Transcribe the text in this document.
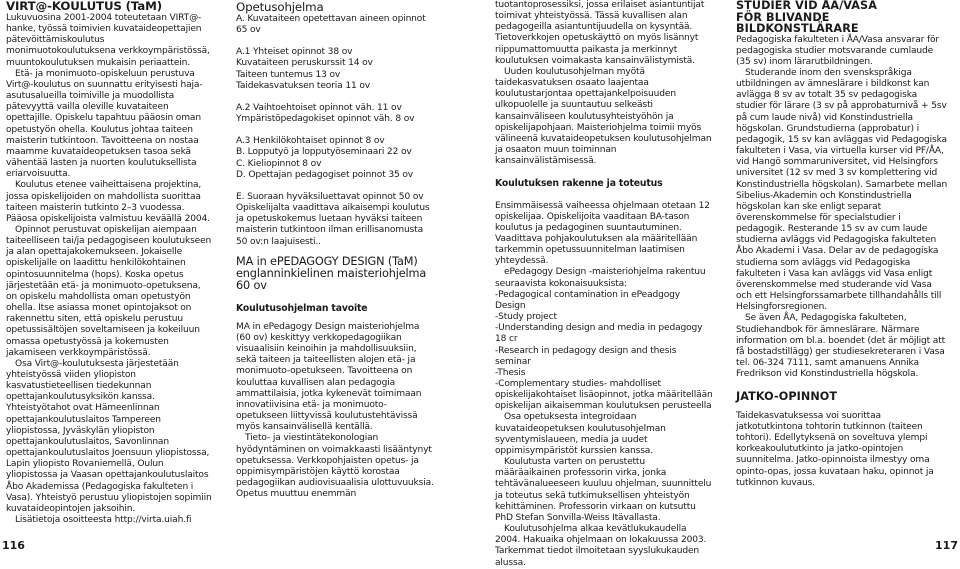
VIRT@-KOULUTUS (TaM)

Lukuvuosina 2001-2004 toteutetaan VIRT@-hanke, työssä toimivien kuvataideopettajien pätevöittämiskoulutus monimuotokoulutuksena verkkoympäristössä, muuntokoulutuksen mukaisin periaattein.

Etä- ja monimuoto-opiskeluun perustuva Virt@-koulutus on suunnattu erityisesti haja-asutusalueilla toimiville ja muodollista pätevyyttä vailla oleville kuvataiteen opettajille. Opiskelu tapahtuu pääosin oman opetustyön ohella. Koulutus johtaa taiteen maisterin tutkintoon. Tavoitteena on nostaa maamme kuvataideopetuksen tasoa sekä vähentää lasten ja nuorten koulutuksellista eriarvoisuutta.

Koulutus etenee vaiheittaisena projektina, jossa opiskelijoiden on mahdollista suorittaa taiteen maisterin tutkinto 2–3 vuodessa. Pääosa opiskelijoista valmistuu keväällä 2004.

Opinnot perustuvat opiskelijan aiempaan taiteelliseen tai/ja pedagogiseen koulutukseen ja alan opettajakokemukseen. Jokaiselle opiskelijalle on laadittu henkilökohtainen opintosuunnitelma (hops). Koska opetus järjestetään etä- ja monimuoto-opetuksena, on opiskelu mahdollista oman opetustyön ohella. Itse asiassa monet opintojaksot on rakennettu siten, että opiskelu perustuu opetussisältöjen soveltamiseen ja kokeiluun omassa opetustyössä ja kokemusten jakamiseen verkkoympäristössä.

Osa Virt@-koulutuksesta järjestetään yhteistyössä viiden yliopiston kasvatustieteellisen tiedekunnan opettajankoulutusyksikön kanssa. Yhteistyötahot ovat Hämeenlinnan opettajankoulutuslaitos Tampereen yliopistossa, Jyväskylän yliopiston opettajankoulutuslaitos, Savonlinnan opettajankoulutuslaitos Joensuun yliopistossa, Lapin yliopisto Rovaniemellä, Oulun yliopistossa ja Vaasan opettajankoulutuslaitos Åbo Akademissa (Pedagogiska fakulteten i Vasa). Yhteistyö perustuu yliopistojen sopimiin kuvataideopintojen jaksoihin.

Lisätietoja osoitteesta http://virta.uiah.fi

Opetusohjelma

A. Kuvataiteen opetettavan aineen opinnot 65 ov

A.1 Yhteiset opinnot 38 ov

Kuvataiteen peruskurssit 14 ov

Taiteen tuntemus 13 ov

Taidekasvatuksen teoria 11 ov

A.2 Vaihtoehtoiset opinnot väh. 11 ov

Ympäristöpedagokiset opinnot väh. 8 ov

A.3 Henkilökohtaiset opinnot 8 ov

B. Lopputyö ja lopputyöseminaari 22 ov

C. Kieliopinnot 8 ov

D. Opettajan pedagogiset poinnot 35 ov

E. Suoraan hyväksiluettavat opinnot 50 ov Opiskelijalta vaadittava aikaisempi koulutus ja opetuskokemus luetaan hyväksi taiteen maisterin tutkintoon ilman erillisanomusta 50 ov:n laajuisesti..

MA in ePEDAGOGY DESIGN (TaM) englanninkielinen maisteriohjelma 60 ov

Koulutusohjelman tavoite

MA in ePedagogy Design maisteriohjelma (60 ov) keskittyy verkkopedagogiikan visuaalisiin keinoihin ja mahdollisuuksiin, sekä taiteen ja taiteellisten alojen etä- ja monimuoto-opetukseen. Tavoitteena on kouluttaa kuvallisen alan pedagogia ammattilaisia, jotka kykenevät toimimaan innovatiivisina etä- ja monimuoto-opetukseen liittyvissä koulutustehtävissä myös kansainvälisellä kentällä.

Tieto- ja viestintätekonologian hyödyntäminen on voimakkaasti lisääntynyt opetuksessa. Verkkopohjaisten opetus- ja oppimisympäristöjen käyttö korostaa pedagogiikan audiovisuaalisia ulottuvuuksia. Opetus muuttuu enemmän

tuotantoprosessiksi, jossa erilaiset asiantuntijat toimivat yhteistyössä. Tässä kuvallisen alan pedagogeilla asiantuntijuudella on kysyntää. Tietoverkkojen opetuskäyttö on myös lisännyt riippumattomuutta paikasta ja merkinnyt koulutuksen voimakasta kansainvälistymistä.

Uuden koulutusohjelman myötä taidekasvatuksen osaato laajentaa koulutustarjontaa opettajankelpoisuuden ulkopuolelle ja suuntautuu selkeästi kansainväliseen koulutusyhteistyöhön ja opiskelijapohjaan. Maisteriohjelma toimii myös välineenä kuvataideopetuksen koulutusohjelman ja osaaton muun toiminnan kansainvälistämisessä.

Koulutuksen rakenne ja toteutus

Ensimmäisessä vaiheessa ohjelmaan otetaan 12 opiskelijaa. Opiskelijoita vaaditaan BA-tason koulutus ja pedagoginen suuntautuminen. Vaadittava pohjakoulutuksen ala määritellään tarkemmin opetussuunnitelman laatimisen yhteydessä.

ePedagogy Design -maisteriohjelma rakentuu seuraavista kokonaisuuksista:

-Pedagogical contamination in ePeadgogy Design

-Study project

-Understanding design and media in pedagogy 18 cr

-Research in pedagogy design and thesis seminar

-Thesis

-Complementary studies- mahdolliset opiskelijakohtaiset lisäopinnot, jotka määritellään opiskelijan aikaisemman koulutuksen perusteella

Osa opetuksesta integroidaan kuvataideopetuksen koulutusohjelman syventymislaueen, media ja uudet oppimisympäristöt kurssien kanssa.

Koulutusta varten on perustettu määräaikainen professorin virka, jonka tehtävänalueeseen kuuluu ohjelman, suunnittelu ja toteutus sekä tutkimuksellisen yhteistyön kehittäminen. Professorin virkaan on kutsuttu PhD Stefan Sonvilla-Weiss Itävallasta.

Koulutusohjelma alkaa kevätlukukaudella 2004. Hakuaika ohjelmaan on lokakuussa 2003. Tarkemmat tiedot ilmoitetaan syyslukukauden alussa.

STUDIER VID ÅA/VASA

FÖR BLIVANDE BILDKONSTLÄRARE

Pedagogiska fakulteten i ÅA/Vasa ansvarar för pedagogiska studier motsvarande cumlaude (35 sv) inom lärarutbildningen.

Studerande inom den svenskspråkiga utbildningen av ämneslärare i bildkonst kan avlägga 8 sv av totalt 35 sv pedagogiska studier för lärare (3 sv på approbaturnivå + 5sv på cum laude nivå) vid Konstindustriella högskolan. Grundstudierna (approbatur) i pedagogik, 15 sv kan avläggas vid Pedagogiska fakulteten i Vasa, via virtuella kurser vid PF/ÅA, vid Hangö sommaruniversitet, vid Helsingfors universitet (12 sv med 3 sv komplettering vid Konstindustriella högskolan). Samarbete mellan Sibelius-Akademin och Konstindustriella högskolan kan ske enligt separat överenskommelse för specialstudier i pedagogik. Resterande 15 sv av cum laude studierna avläggs vid Pedagogiska fakulteten Åbo Akademi i Vasa. Delar av de pedagogiska studierna som avläggs vid Pedagogiska fakulteten i Vasa kan avläggs vid Vasa enligt överenskommelse med studerande vid Vasa och ett Helsingforssamarbete tillhandahålls till Helsingforsregionen.

Se även ÅA, Pedagogiska fakulteten, Studiehandbok för ämneslärare. Närmare information om bl.a. boendet (det är möjligt att få bostadstillägg) ger studiesekreteraren i Vasa tel. 06-324 7111, samt amanuens Annika Fredrikson vid Konstindustriella högskola.

JATKO-OPINNOT

Taidekasvatuksessa voi suorittaa jatkotutkintona tohtorin tutkinnon (taiteen tohtori). Edellytyksenä on soveltuva ylempi korkeakoulututkinto ja jatko-opintojen suunnitelma. Jatko-opinnoista ilmestyy oma opinto-opas, jossa kuvataan haku, opinnot ja tutkinnon kuvaus.

116	117
